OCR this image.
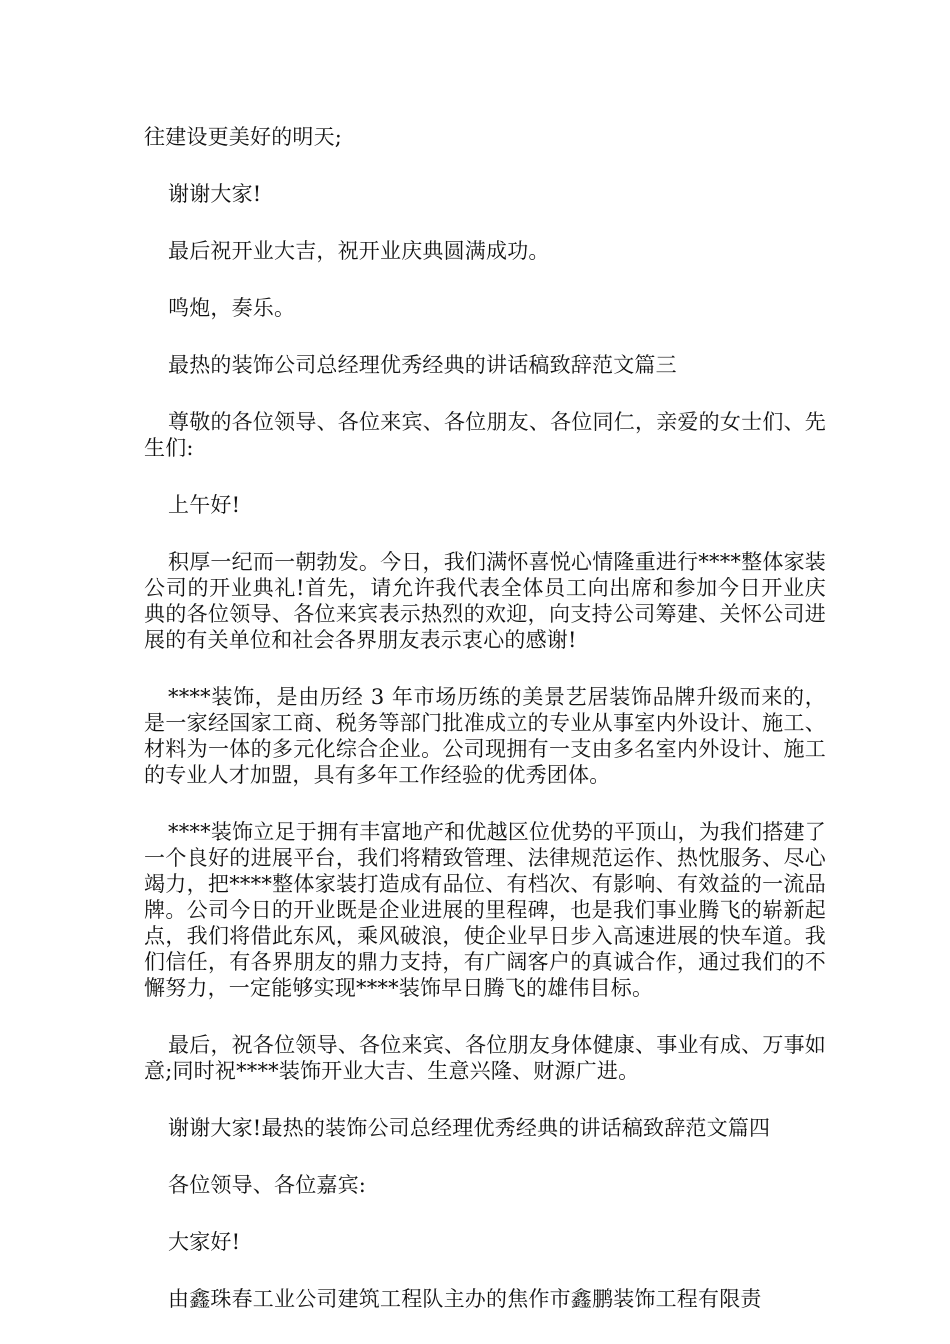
往建设更美好的明天;

谢谢大家!

最后祝开业大吉，祝开业庆典圆满成功。

鸣炮，奏乐。

最热的装饰公司总经理优秀经典的讲话稿致辞范文篇三

尊敬的各位领导、各位来宾、各位朋友、各位同仁，亲爱的女士们、先生们:

上午好!

积厚一纪而一朝勃发。今日，我们满怀喜悦心情隆重进行****整体家装公司的开业典礼!首先，请允许我代表全体员工向出席和参加今日开业庆典的各位领导、各位来宾表示热烈的欢迎，向支持公司筹建、关怀公司进展的有关单位和社会各界朋友表示衷心的感谢!

****装饰，是由历经 3 年市场历练的美景艺居装饰品牌升级而来的，是一家经国家工商、税务等部门批准成立的专业从事室内外设计、施工、材料为一体的多元化综合企业。公司现拥有一支由多名室内外设计、施工的专业人才加盟，具有多年工作经验的优秀团体。

****装饰立足于拥有丰富地产和优越区位优势的平顶山，为我们搭建了一个良好的进展平台，我们将精致管理、法律规范运作、热忱服务、尽心竭力，把****整体家装打造成有品位、有档次、有影响、有效益的一流品牌。公司今日的开业既是企业进展的里程碑，也是我们事业腾飞的崭新起点，我们将借此东风，乘风破浪，使企业早日步入高速进展的快车道。我们信任，有各界朋友的鼎力支持，有广阔客户的真诚合作，通过我们的不懈努力，一定能够实现****装饰早日腾飞的雄伟目标。

最后，祝各位领导、各位来宾、各位朋友身体健康、事业有成、万事如意;同时祝****装饰开业大吉、生意兴隆、财源广进。

谢谢大家!最热的装饰公司总经理优秀经典的讲话稿致辞范文篇四

各位领导、各位嘉宾:

大家好!

由鑫珠春工业公司建筑工程队主办的焦作市鑫鹏装饰工程有限责
